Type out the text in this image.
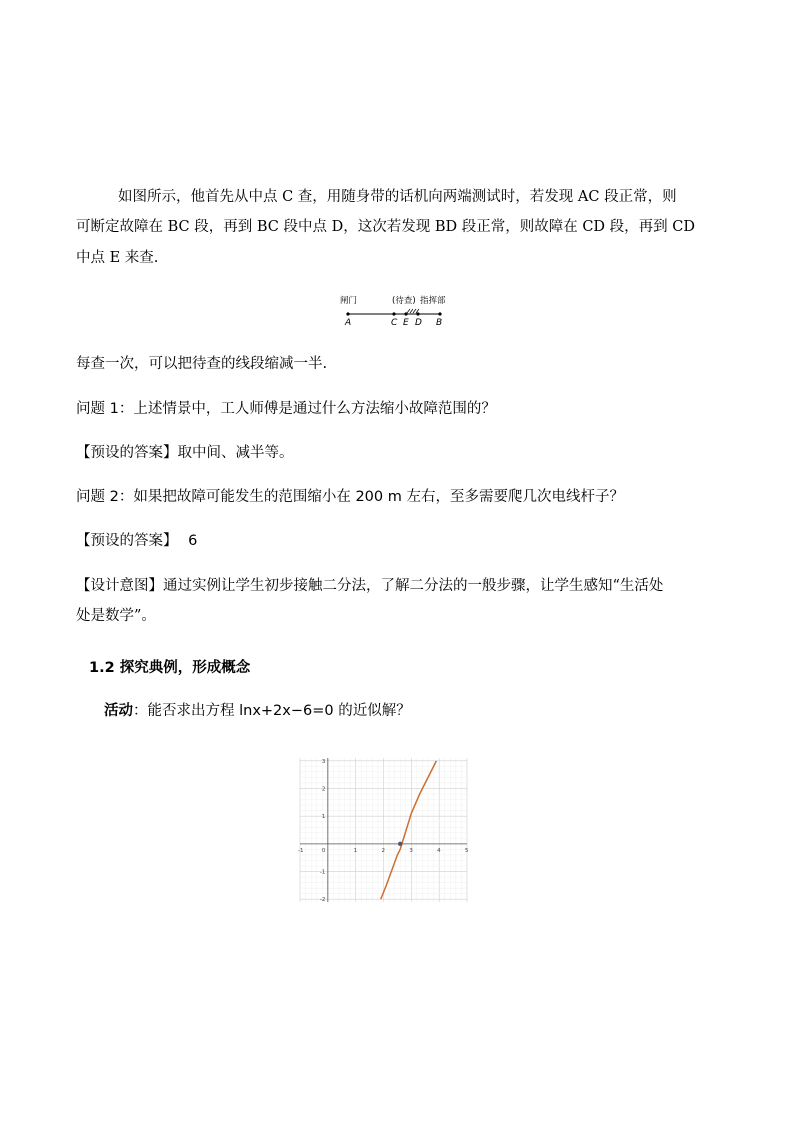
如图所示，他首先从中点 C 查，用随身带的话机向两端测试时，若发现 AC 段正常，则
可断定故障在 BC 段，再到 BC 段中点 D，这次若发现 BD 段正常，则故障在 CD 段，再到 CD
中点 E 来查.
闸门	(待查) 指挥部
A	C E D B
每查一次，可以把待查的线段缩减一半.
问题 1：上述情景中，工人师傅是通过什么方法缩小故障范围的？
【预设的答案】取中间、减半等。
问题 2：如果把故障可能发生的范围缩小在 200 m 左右，至多需要爬几次电线杆子？
【预设的答案】 6
【设计意图】通过实例让学生初步接触二分法，了解二分法的一般步骤，让学生感知“生活处
处是数学”。
1.2 探究典例，形成概念
活动：能否求出方程 lnx+2x−6=0 的近似解？
-1	0	1	2	3	4	5
3
2
1
-1
-2
